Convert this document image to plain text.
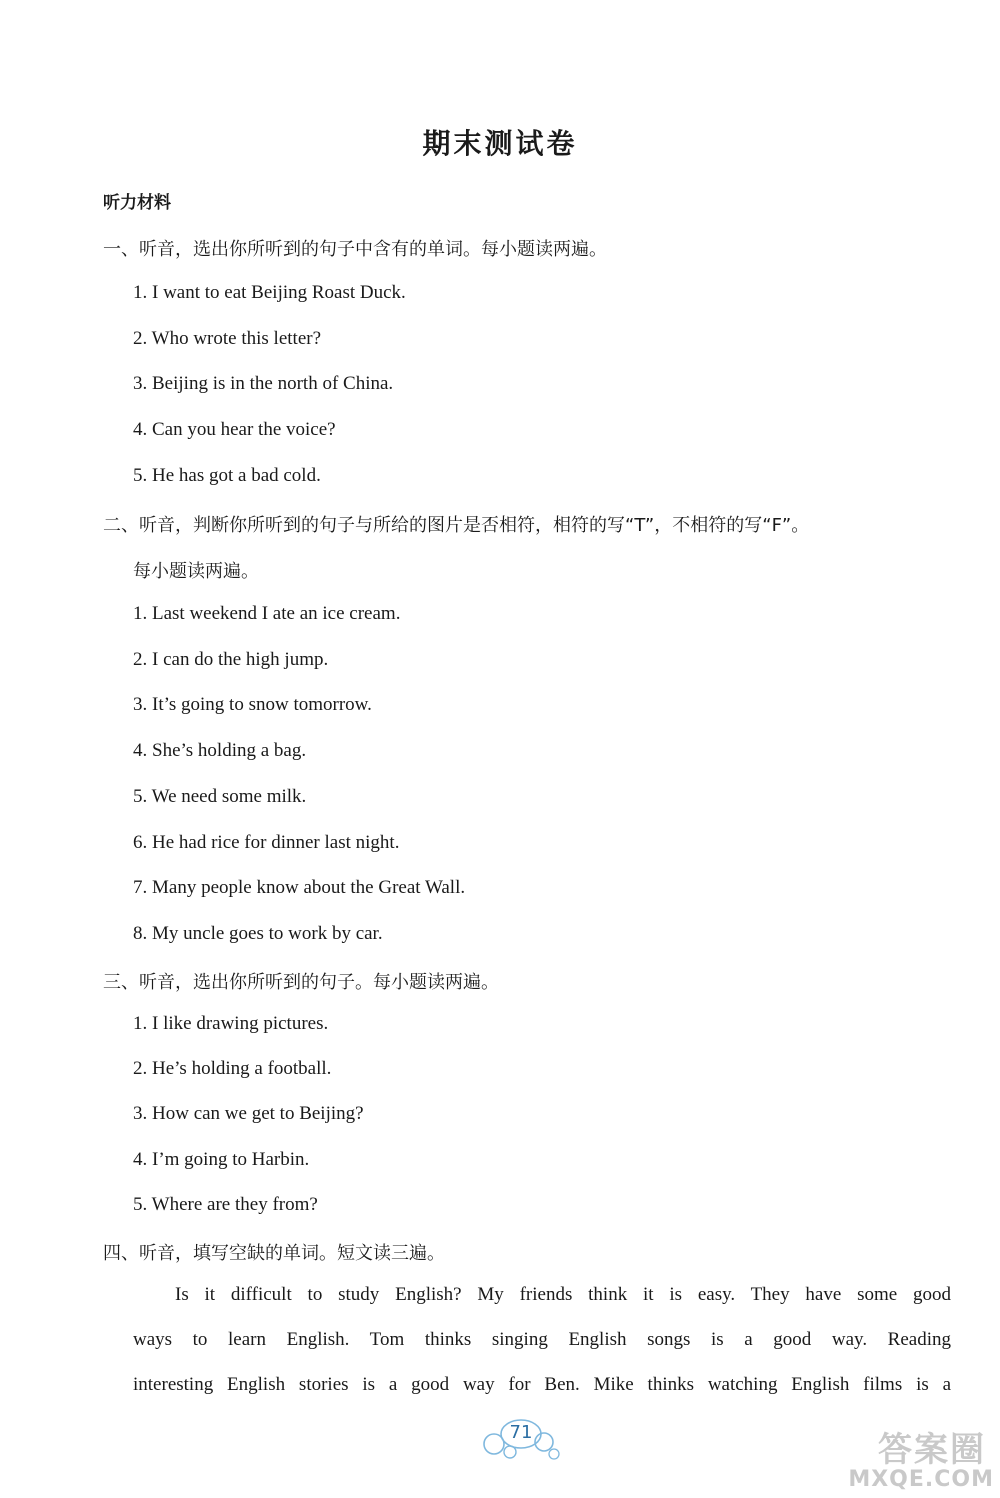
期末测试卷
听力材料
一、听音，选出你所听到的句子中含有的单词。每小题读两遍。
1. I want to eat Beijing Roast Duck.
2. Who wrote this letter?
3. Beijing is in the north of China.
4. Can you hear the voice?
5. He has got a bad cold.
二、听音，判断你所听到的句子与所给的图片是否相符，相符的写“T”，不相符的写“F”。
每小题读两遍。
1. Last weekend I ate an ice cream.
2. I can do the high jump.
3. It’s going to snow tomorrow.
4. She’s holding a bag.
5. We need some milk.
6. He had rice for dinner last night.
7. Many people know about the Great Wall.
8. My uncle goes to work by car.
三、听音，选出你所听到的句子。每小题读两遍。
1. I like drawing pictures.
2. He’s holding a football.
3. How can we get to Beijing?
4. I’m going to Harbin.
5. Where are they from?
四、听音，填写空缺的单词。短文读三遍。
Is it difficult to study English? My friends think it is easy. They have some good
ways to learn English. Tom thinks singing English songs is a good way. Reading
interesting English stories is a good way for Ben. Mike thinks watching English films is a
71	答案圈
MXQE.COM
